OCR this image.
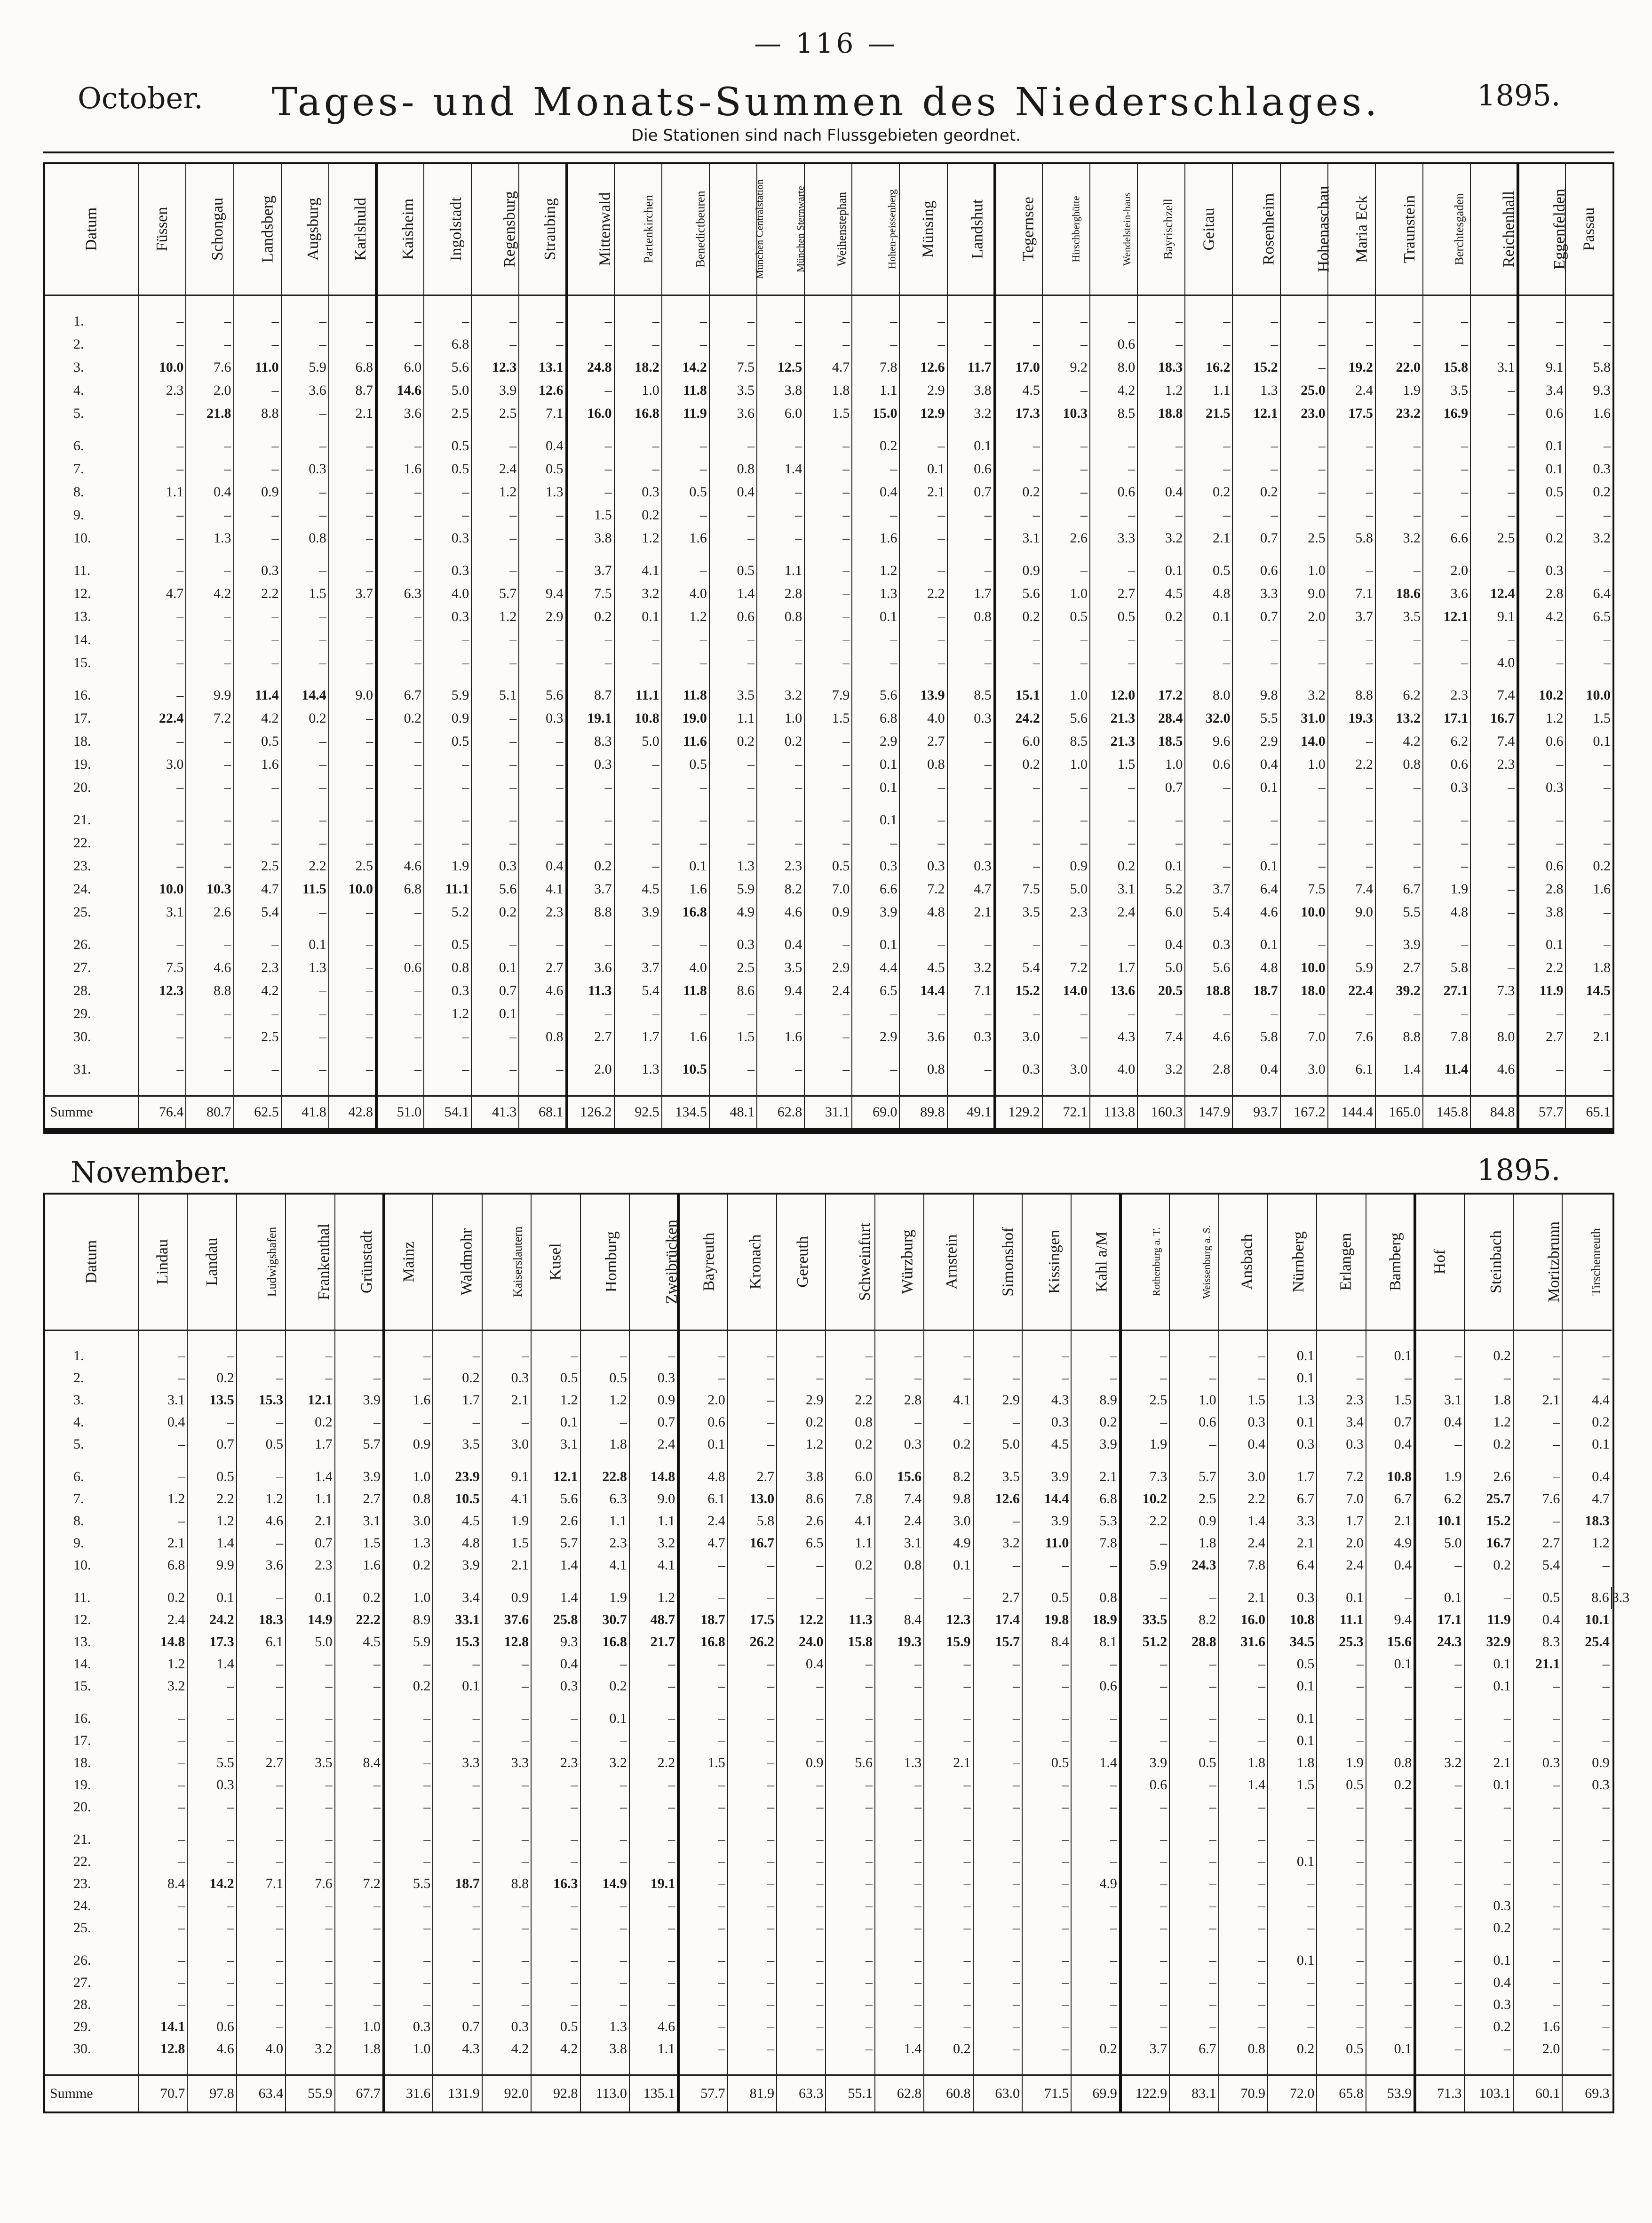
— 116 —
October.	Tages- und Monats-Summen des Niederschlages.	1895.
Die Stationen sind nach Flussgebieten geordnet.
Datum	Füssen	Schongau	Landsberg	Augsburg	Karlshuld	Kaisheim	Ingolstadt	Regensburg	Straubing	Mittenwald	Partenkirchen	Benedictbeuren	München Centralstation	München Sternwarte	Weihenstephan	Hohen-peissenberg	Münsing	Landshut	Tegernsee	Hirschberghütte	Wendelstein-haus	Bayrischzell	Geitau	Rosenheim	Hohenaschau	Maria Eck	Traunstein	Berchtesgaden	Reichenhall	Eggenfelden	Passau

1.	–	–	–	–	–	–	–	–	–	–	–	–	–	–	–	–	–	–	–	–	–	–	–	–	–	–	–	–	–	–	–
2.	–	–	–	–	–	–	6.8	–	–	–	–	–	–	–	–	–	–	–	–	–	0.6	–	–	–	–	–	–	–	–	–	–
3.	10.0	7.6	11.0	5.9	6.8	6.0	5.6	12.3	13.1	24.8	18.2	14.2	7.5	12.5	4.7	7.8	12.6	11.7	17.0	9.2	8.0	18.3	16.2	15.2	–	19.2	22.0	15.8	3.1	9.1	5.8
4.	2.3	2.0	–	3.6	8.7	14.6	5.0	3.9	12.6	–	1.0	11.8	3.5	3.8	1.8	1.1	2.9	3.8	4.5	–	4.2	1.2	1.1	1.3	25.0	2.4	1.9	3.5	–	3.4	9.3
5.	–	21.8	8.8	–	2.1	3.6	2.5	2.5	7.1	16.0	16.8	11.9	3.6	6.0	1.5	15.0	12.9	3.2	17.3	10.3	8.5	18.8	21.5	12.1	23.0	17.5	23.2	16.9	–	0.6	1.6

6.	–	–	–	–	–	–	0.5	–	0.4	–	–	–	–	–	–	0.2	–	0.1	–	–	–	–	–	–	–	–	–	–	–	0.1	–
7.	–	–	–	0.3	–	1.6	0.5	2.4	0.5	–	–	–	0.8	1.4	–	–	0.1	0.6	–	–	–	–	–	–	–	–	–	–	–	0.1	0.3
8.	1.1	0.4	0.9	–	–	–	–	1.2	1.3	–	0.3	0.5	0.4	–	–	0.4	2.1	0.7	0.2	–	0.6	0.4	0.2	0.2	–	–	–	–	–	0.5	0.2
9.	–	–	–	–	–	–	–	–	–	1.5	0.2	–	–	–	–	–	–	–	–	–	–	–	–	–	–	–	–	–	–	–	–
10.	–	1.3	–	0.8	–	–	0.3	–	–	3.8	1.2	1.6	–	–	–	1.6	–	–	3.1	2.6	3.3	3.2	2.1	0.7	2.5	5.8	3.2	6.6	2.5	0.2	3.2

11.	–	–	0.3	–	–	–	0.3	–	–	3.7	4.1	–	0.5	1.1	–	1.2	–	–	0.9	–	–	0.1	0.5	0.6	1.0	–	–	2.0	–	0.3	–
12.	4.7	4.2	2.2	1.5	3.7	6.3	4.0	5.7	9.4	7.5	3.2	4.0	1.4	2.8	–	1.3	2.2	1.7	5.6	1.0	2.7	4.5	4.8	3.3	9.0	7.1	18.6	3.6	12.4	2.8	6.4
13.	–	–	–	–	–	–	0.3	1.2	2.9	0.2	0.1	1.2	0.6	0.8	–	0.1	–	0.8	0.2	0.5	0.5	0.2	0.1	0.7	2.0	3.7	3.5	12.1	9.1	4.2	6.5
14.	–	–	–	–	–	–	–	–	–	–	–	–	–	–	–	–	–	–	–	–	–	–	–	–	–	–	–	–	–	–	–
15.	–	–	–	–	–	–	–	–	–	–	–	–	–	–	–	–	–	–	–	–	–	–	–	–	–	–	–	–	4.0	–	–

16.	–	9.9	11.4	14.4	9.0	6.7	5.9	5.1	5.6	8.7	11.1	11.8	3.5	3.2	7.9	5.6	13.9	8.5	15.1	1.0	12.0	17.2	8.0	9.8	3.2	8.8	6.2	2.3	7.4	10.2	10.0
17.	22.4	7.2	4.2	0.2	–	0.2	0.9	–	0.3	19.1	10.8	19.0	1.1	1.0	1.5	6.8	4.0	0.3	24.2	5.6	21.3	28.4	32.0	5.5	31.0	19.3	13.2	17.1	16.7	1.2	1.5
18.	–	–	0.5	–	–	–	0.5	–	–	8.3	5.0	11.6	0.2	0.2	–	2.9	2.7	–	6.0	8.5	21.3	18.5	9.6	2.9	14.0	–	4.2	6.2	7.4	0.6	0.1
19.	3.0	–	1.6	–	–	–	–	–	–	0.3	–	0.5	–	–	–	0.1	0.8	–	0.2	1.0	1.5	1.0	0.6	0.4	1.0	2.2	0.8	0.6	2.3	–	–
20.	–	–	–	–	–	–	–	–	–	–	–	–	–	–	–	0.1	–	–	–	–	–	0.7	–	0.1	–	–	–	0.3	–	0.3	–

21.	–	–	–	–	–	–	–	–	–	–	–	–	–	–	–	0.1	–	–	–	–	–	–	–	–	–	–	–	–	–	–	–
22.	–	–	–	–	–	–	–	–	–	–	–	–	–	–	–	–	–	–	–	–	–	–	–	–	–	–	–	–	–	–	–
23.	–	–	2.5	2.2	2.5	4.6	1.9	0.3	0.4	0.2	–	0.1	1.3	2.3	0.5	0.3	0.3	0.3	–	0.9	0.2	0.1	–	0.1	–	–	–	–	–	0.6	0.2
24.	10.0	10.3	4.7	11.5	10.0	6.8	11.1	5.6	4.1	3.7	4.5	1.6	5.9	8.2	7.0	6.6	7.2	4.7	7.5	5.0	3.1	5.2	3.7	6.4	7.5	7.4	6.7	1.9	–	2.8	1.6
25.	3.1	2.6	5.4	–	–	–	5.2	0.2	2.3	8.8	3.9	16.8	4.9	4.6	0.9	3.9	4.8	2.1	3.5	2.3	2.4	6.0	5.4	4.6	10.0	9.0	5.5	4.8	–	3.8	–

26.	–	–	–	0.1	–	–	0.5	–	–	–	–	–	0.3	0.4	–	0.1	–	–	–	–	–	0.4	0.3	0.1	–	–	3.9	–	–	0.1	–
27.	7.5	4.6	2.3	1.3	–	0.6	0.8	0.1	2.7	3.6	3.7	4.0	2.5	3.5	2.9	4.4	4.5	3.2	5.4	7.2	1.7	5.0	5.6	4.8	10.0	5.9	2.7	5.8	–	2.2	1.8
28.	12.3	8.8	4.2	–	–	–	0.3	0.7	4.6	11.3	5.4	11.8	8.6	9.4	2.4	6.5	14.4	7.1	15.2	14.0	13.6	20.5	18.8	18.7	18.0	22.4	39.2	27.1	7.3	11.9	14.5
29.	–	–	–	–	–	–	1.2	0.1	–	–	–	–	–	–	–	–	–	–	–	–	–	–	–	–	–	–	–	–	–	–	–
30.	–	–	2.5	–	–	–	–	–	0.8	2.7	1.7	1.6	1.5	1.6	–	2.9	3.6	0.3	3.0	–	4.3	7.4	4.6	5.8	7.0	7.6	8.8	7.8	8.0	2.7	2.1

31.	–	–	–	–	–	–	–	–	–	2.0	1.3	10.5	–	–	–	–	0.8	–	0.3	3.0	4.0	3.2	2.8	0.4	3.0	6.1	1.4	11.4	4.6	–	–

Summe	76.4	80.7	62.5	41.8	42.8	51.0	54.1	41.3	68.1	126.2	92.5	134.5	48.1	62.8	31.1	69.0	89.8	49.1	129.2	72.1	113.8	160.3	147.9	93.7	167.2	144.4	165.0	145.8	84.8	57.7	65.1
November.	1895.
Datum	Lindau	Landau	Ludwigshafen	Frankenthal	Grünstadt	Mainz	Waldmohr	Kaiserslautern	Kusel	Homburg	Zweibrücken	Bayreuth	Kronach	Gereuth	Schweinfurt	Würzburg	Arnstein	Simonshof	Kissingen	Kahl a/M	Rothenburg a. T.	Weissenburg a. S.	Ansbach	Nürnberg	Erlangen	Bamberg	Hof	Steinbach	Moritzbrunn	Tirschenreuth	

1.	–	–	–	–	–	–	–	–	–	–	–	–	–	–	–	–	–	–	–	–	–	–	–	0.1	–	0.1	–	0.2	–	–	
2.	–	0.2	–	–	–	–	0.2	0.3	0.5	0.5	0.3	–	–	–	–	–	–	–	–	–	–	–	–	0.1	–	–	–	–	–	–	
3.	3.1	13.5	15.3	12.1	3.9	1.6	1.7	2.1	1.2	1.2	0.9	2.0	–	2.9	2.2	2.8	4.1	2.9	4.3	8.9	2.5	1.0	1.5	1.3	2.3	1.5	3.1	1.8	2.1	4.4	
4.	0.4	–	–	0.2	–	–	–	–	0.1	–	0.7	0.6	–	0.2	0.8	–	–	–	0.3	0.2	–	0.6	0.3	0.1	3.4	0.7	0.4	1.2	–	0.2	
5.	–	0.7	0.5	1.7	5.7	0.9	3.5	3.0	3.1	1.8	2.4	0.1	–	1.2	0.2	0.3	0.2	5.0	4.5	3.9	1.9	–	0.4	0.3	0.3	0.4	–	0.2	–	0.1	

6.	–	0.5	–	1.4	3.9	1.0	23.9	9.1	12.1	22.8	14.8	4.8	2.7	3.8	6.0	15.6	8.2	3.5	3.9	2.1	7.3	5.7	3.0	1.7	7.2	10.8	1.9	2.6	–	0.4	
7.	1.2	2.2	1.2	1.1	2.7	0.8	10.5	4.1	5.6	6.3	9.0	6.1	13.0	8.6	7.8	7.4	9.8	12.6	14.4	6.8	10.2	2.5	2.2	6.7	7.0	6.7	6.2	25.7	7.6	4.7	
8.	–	1.2	4.6	2.1	3.1	3.0	4.5	1.9	2.6	1.1	1.1	2.4	5.8	2.6	4.1	2.4	3.0	–	3.9	5.3	2.2	0.9	1.4	3.3	1.7	2.1	10.1	15.2	–	18.3	
9.	2.1	1.4	–	0.7	1.5	1.3	4.8	1.5	5.7	2.3	3.2	4.7	16.7	6.5	1.1	3.1	4.9	3.2	11.0	7.8	–	1.8	2.4	2.1	2.0	4.9	5.0	16.7	2.7	1.2	
10.	6.8	9.9	3.6	2.3	1.6	0.2	3.9	2.1	1.4	4.1	4.1	–	–	–	0.2	0.8	0.1	–	–	–	5.9	24.3	7.8	6.4	2.4	0.4	–	0.2	5.4	–	

11.	0.2	0.1	–	0.1	0.2	1.0	3.4	0.9	1.4	1.9	1.2	–	–	–	–	–	–	2.7	0.5	0.8	–	–	2.1	0.3	0.1	–	0.1	–	0.5	8.6	3.3
12.	2.4	24.2	18.3	14.9	22.2	8.9	33.1	37.6	25.8	30.7	48.7	18.7	17.5	12.2	11.3	8.4	12.3	17.4	19.8	18.9	33.5	8.2	16.0	10.8	11.1	9.4	17.1	11.9	0.4	10.1	
13.	14.8	17.3	6.1	5.0	4.5	5.9	15.3	12.8	9.3	16.8	21.7	16.8	26.2	24.0	15.8	19.3	15.9	15.7	8.4	8.1	51.2	28.8	31.6	34.5	25.3	15.6	24.3	32.9	8.3	25.4	
14.	1.2	1.4	–	–	–	–	–	–	0.4	–	–	–	–	0.4	–	–	–	–	–	–	–	–	–	0.5	–	0.1	–	0.1	21.1	–	
15.	3.2	–	–	–	–	0.2	0.1	–	0.3	0.2	–	–	–	–	–	–	–	–	–	0.6	–	–	–	0.1	–	–	–	0.1	–	–	

16.	–	–	–	–	–	–	–	–	–	0.1	–	–	–	–	–	–	–	–	–	–	–	–	–	0.1	–	–	–	–	–	–	
17.	–	–	–	–	–	–	–	–	–	–	–	–	–	–	–	–	–	–	–	–	–	–	–	0.1	–	–	–	–	–	–	
18.	–	5.5	2.7	3.5	8.4	–	3.3	3.3	2.3	3.2	2.2	1.5	–	0.9	5.6	1.3	2.1	–	0.5	1.4	3.9	0.5	1.8	1.8	1.9	0.8	3.2	2.1	0.3	0.9	
19.	–	0.3	–	–	–	–	–	–	–	–	–	–	–	–	–	–	–	–	–	–	0.6	–	1.4	1.5	0.5	0.2	–	0.1	–	0.3	
20.	–	–	–	–	–	–	–	–	–	–	–	–	–	–	–	–	–	–	–	–	–	–	–	–	–	–	–	–	–	–	

21.	–	–	–	–	–	–	–	–	–	–	–	–	–	–	–	–	–	–	–	–	–	–	–	–	–	–	–	–	–	–	
22.	–	–	–	–	–	–	–	–	–	–	–	–	–	–	–	–	–	–	–	–	–	–	–	0.1	–	–	–	–	–	–	
23.	8.4	14.2	7.1	7.6	7.2	5.5	18.7	8.8	16.3	14.9	19.1	–	–	–	–	–	–	–	–	4.9	–	–	–	–	–	–	–	–	–	–	
24.	–	–	–	–	–	–	–	–	–	–	–	–	–	–	–	–	–	–	–	–	–	–	–	–	–	–	–	0.3	–	–	
25.	–	–	–	–	–	–	–	–	–	–	–	–	–	–	–	–	–	–	–	–	–	–	–	–	–	–	–	0.2	–	–	

26.	–	–	–	–	–	–	–	–	–	–	–	–	–	–	–	–	–	–	–	–	–	–	–	0.1	–	–	–	0.1	–	–	
27.	–	–	–	–	–	–	–	–	–	–	–	–	–	–	–	–	–	–	–	–	–	–	–	–	–	–	–	0.4	–	–	
28.	–	–	–	–	–	–	–	–	–	–	–	–	–	–	–	–	–	–	–	–	–	–	–	–	–	–	–	0.3	–	–	
29.	14.1	0.6	–	–	1.0	0.3	0.7	0.3	0.5	1.3	4.6	–	–	–	–	–	–	–	–	–	–	–	–	–	–	–	–	0.2	1.6	–	
30.	12.8	4.6	4.0	3.2	1.8	1.0	4.3	4.2	4.2	3.8	1.1	–	–	–	–	1.4	0.2	–	–	0.2	3.7	6.7	0.8	0.2	0.5	0.1	–	–	2.0	–	

Summe	70.7	97.8	63.4	55.9	67.7	31.6	131.9	92.0	92.8	113.0	135.1	57.7	81.9	63.3	55.1	62.8	60.8	63.0	71.5	69.9	122.9	83.1	70.9	72.0	65.8	53.9	71.3	103.1	60.1	69.3	
